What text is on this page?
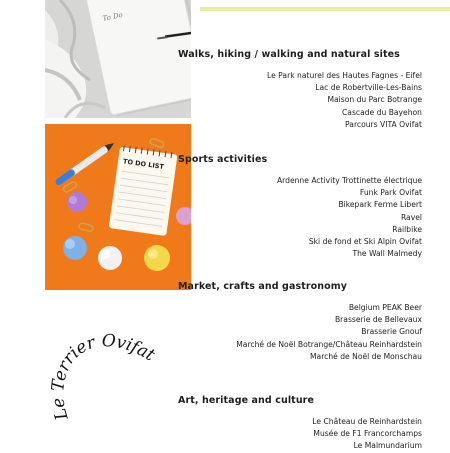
To Do
TO DO LIST
Le Terrier Ovifat
Walks, hiking / walking and natural sites
Le Park naturel des Hautes Fagnes - Eifel
Lac de Robertville-Les-Bains
Maison du Parc Botrange
Cascade du Bayehon
Parcours VITA Ovifat
Sports activities
Ardenne Activity Trottinette électrique
Funk Park Ovifat
Bikepark Ferme Libert
Ravel
Railbike
Ski de fond et Ski Alpin Ovifat
The Wall Malmedy
Market, crafts and gastronomy
Belgium PEAK Beer
Brasserie de Bellevaux
Brasserie Gnouf
Marché de Noël Botrange/Château Reinhardstein
Marché de Noël de Monschau
Art, heritage and culture
Le Château de Reinhardstein
Musée de F1 Francorchamps
Le Malmundarium
